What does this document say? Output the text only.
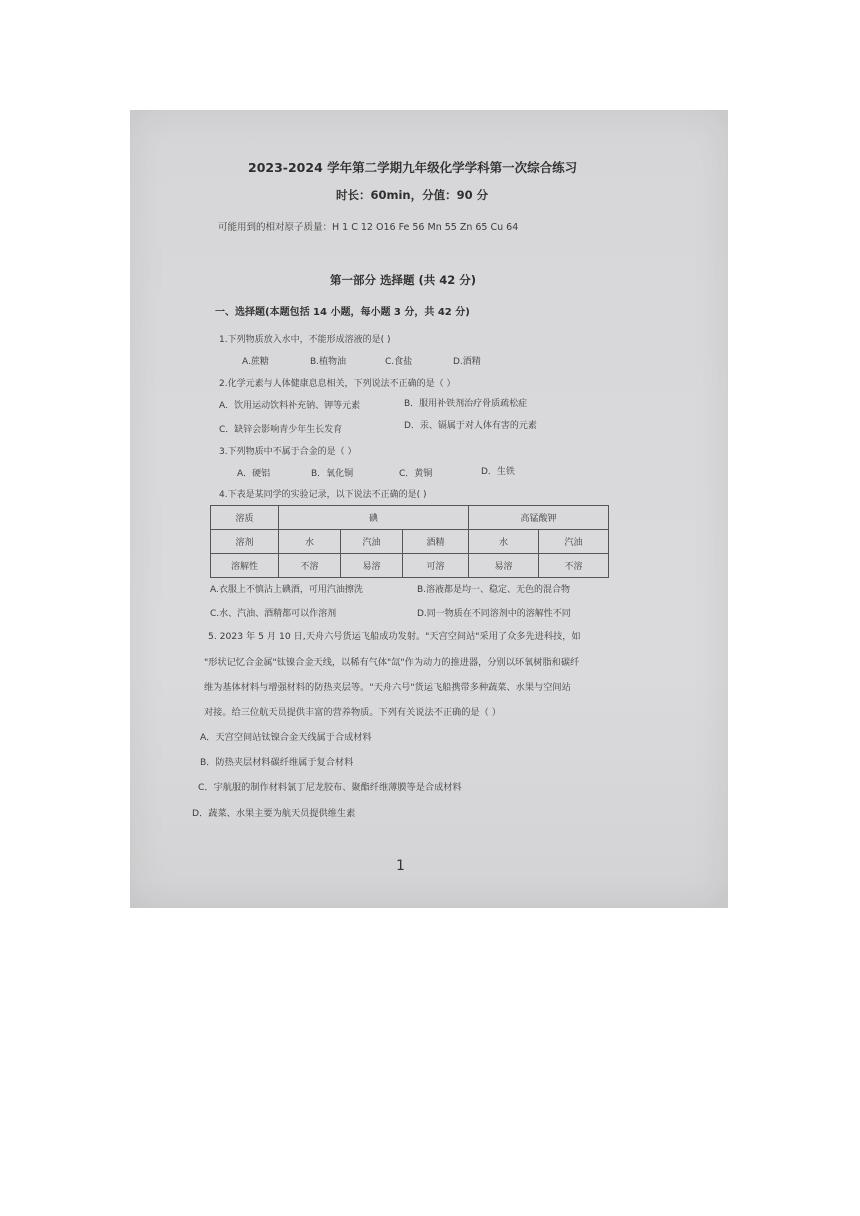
2023-2024 学年第二学期九年级化学学科第一次综合练习
时长：60min，分值：90 分
可能用到的相对原子质量：H 1 C 12 O16 Fe 56 Mn 55 Zn 65 Cu 64
第一部分 选择题 (共 42 分)
一、选择题(本题包括 14 小题，每小题 3 分，共 42 分)
1.下列物质放入水中，不能形成溶液的是( )
A.蔗糖	B.植物油	C.食盐	D.酒精
2.化学元素与人体健康息息相关，下列说法不正确的是（ ）
A．饮用运动饮料补充钠、钾等元素	B．服用补铁剂治疗骨质疏松症
C．缺锌会影响青少年生长发育	D．汞、镉属于对人体有害的元素
3.下列物质中不属于合金的是（ ）
A．硬铝	B．氧化铜	C．黄铜	D．生铁
4.下表是某同学的实验记录，以下说法不正确的是( )
溶质	碘			高锰酸钾	
溶剂	水	汽油	酒精	水	汽油
溶解性	不溶	易溶	可溶	易溶	不溶
A.衣服上不慎沾上碘酒，可用汽油擦洗	B.溶液都是均一、稳定、无色的混合物
C.水、汽油、酒精都可以作溶剂	D.同一物质在不同溶剂中的溶解性不同
5. 2023 年 5 月 10 日,天舟六号货运飞船成功发射。"天宫空间站"采用了众多先进科技，如
"形状记忆合金属"钛镍合金天线，以稀有气体"氙"作为动力的推进器，分别以环氧树脂和碳纤
维为基体材料与增强材料的防热夹层等。"天舟六号"货运飞船携带多种蔬菜、水果与空间站
对接。给三位航天员提供丰富的营养物质。下列有关说法不正确的是（ ）
A．天宫空间站钛镍合金天线属于合成材料
B．防热夹层材料碳纤维属于复合材料
C．宇航服的制作材料氯丁尼龙胶布、聚酯纤维薄膜等是合成材料
D．蔬菜、水果主要为航天员提供维生素
1
